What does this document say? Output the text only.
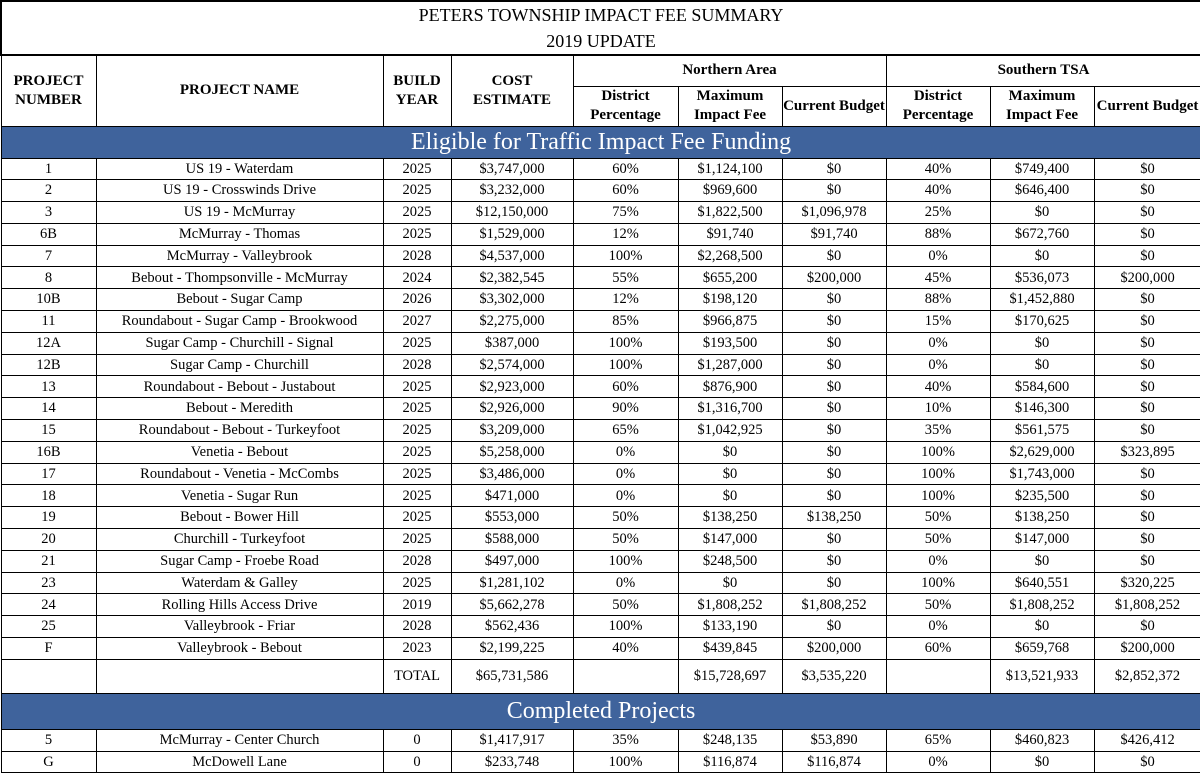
PETERS TOWNSHIP IMPACT FEE SUMMARY									
2019 UPDATE									
PROJECT NUMBER	PROJECT NAME	BUILD YEAR	COST ESTIMATE	Northern Area			Southern TSA		
				District Percentage	Maximum Impact Fee	Current Budget	District Percentage	Maximum Impact Fee	Current Budget
Eligible for Traffic Impact Fee Funding									
1	US 19 - Waterdam	2025	$3,747,000	60%	$1,124,100	$0	40%	$749,400	$0
2	US 19 - Crosswinds Drive	2025	$3,232,000	60%	$969,600	$0	40%	$646,400	$0
3	US 19 - McMurray	2025	$12,150,000	75%	$1,822,500	$1,096,978	25%	$0	$0
6B	McMurray - Thomas	2025	$1,529,000	12%	$91,740	$91,740	88%	$672,760	$0
7	McMurray - Valleybrook	2028	$4,537,000	100%	$2,268,500	$0	0%	$0	$0
8	Bebout - Thompsonville - McMurray	2024	$2,382,545	55%	$655,200	$200,000	45%	$536,073	$200,000
10B	Bebout - Sugar Camp	2026	$3,302,000	12%	$198,120	$0	88%	$1,452,880	$0
11	Roundabout - Sugar Camp - Brookwood	2027	$2,275,000	85%	$966,875	$0	15%	$170,625	$0
12A	Sugar Camp - Churchill - Signal	2025	$387,000	100%	$193,500	$0	0%	$0	$0
12B	Sugar Camp - Churchill	2028	$2,574,000	100%	$1,287,000	$0	0%	$0	$0
13	Roundabout - Bebout - Justabout	2025	$2,923,000	60%	$876,900	$0	40%	$584,600	$0
14	Bebout - Meredith	2025	$2,926,000	90%	$1,316,700	$0	10%	$146,300	$0
15	Roundabout - Bebout - Turkeyfoot	2025	$3,209,000	65%	$1,042,925	$0	35%	$561,575	$0
16B	Venetia - Bebout	2025	$5,258,000	0%	$0	$0	100%	$2,629,000	$323,895
17	Roundabout - Venetia - McCombs	2025	$3,486,000	0%	$0	$0	100%	$1,743,000	$0
18	Venetia - Sugar Run	2025	$471,000	0%	$0	$0	100%	$235,500	$0
19	Bebout - Bower Hill	2025	$553,000	50%	$138,250	$138,250	50%	$138,250	$0
20	Churchill - Turkeyfoot	2025	$588,000	50%	$147,000	$0	50%	$147,000	$0
21	Sugar Camp - Froebe Road	2028	$497,000	100%	$248,500	$0	0%	$0	$0
23	Waterdam & Galley	2025	$1,281,102	0%	$0	$0	100%	$640,551	$320,225
24	Rolling Hills Access Drive	2019	$5,662,278	50%	$1,808,252	$1,808,252	50%	$1,808,252	$1,808,252
25	Valleybrook - Friar	2028	$562,436	100%	$133,190	$0	0%	$0	$0
F	Valleybrook - Bebout	2023	$2,199,225	40%	$439,845	$200,000	60%	$659,768	$200,000
		TOTAL	$65,731,586		$15,728,697	$3,535,220		$13,521,933	$2,852,372
Completed Projects									
5	McMurray - Center Church	0	$1,417,917	35%	$248,135	$53,890	65%	$460,823	$426,412
G	McDowell Lane	0	$233,748	100%	$116,874	$116,874	0%	$0	$0
